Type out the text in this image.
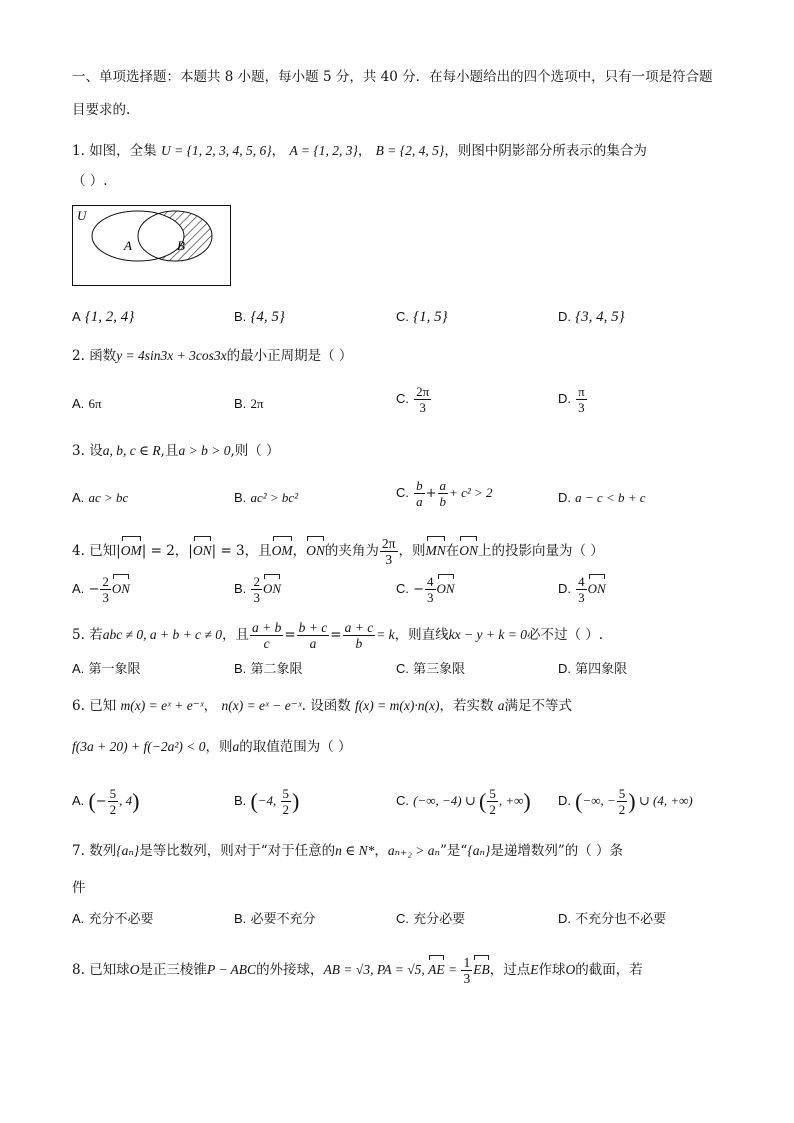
一、单项选择题：本题共 8 小题，每小题 5 分，共 40 分．在每小题给出的四个选项中，只有一项是符合题
目要求的.
1. 如图，全集 U = {1, 2, 3, 4, 5, 6}， A = {1, 2, 3}， B = {2, 4, 5}，则图中阴影部分所表示的集合为
（ ）.
U
A	B
A {1, 2, 4}	B. {4, 5}	C. {1, 5}	D. {3, 4, 5}
2. 函数y = 4sin3x + 3cos3x的最小正周期是（ ）
A. 6π	B. 2π	C. $\frac{2\pi}{3}$	D. $\frac{\pi}{3}$
3. 设a, b, c ∈ R,且a > b > 0,则（ ）
A. ac > bc	B. ac² > bc²	C. $\frac{b}{a} + \frac{a}{b} + c^2 > 2$	D. a − c < b + c
4. 已知|OM| = 2，|ON| = 3，且OM，ON的夹角为 $\frac{2\pi}{3}$ ，则MN在ON上的投影向量为（ ）
A. − $\frac{2}{3}$ ON	B. $\frac{2}{3}$ ON	C. − $\frac{4}{3}$ ON	D. $\frac{4}{3}$ ON
5. 若abc ≠ 0, a + b + c ≠ 0，且 $\frac{a + b}{c} = \frac{b + c}{a} = \frac{a + c}{b} = k$，则直线kx − y + k = 0必不过（ ）.
A. 第一象限	B. 第二象限	C. 第三象限	D. 第四象限
6. 已知 m(x) = eˣ + e⁻ˣ， n(x) = eˣ − e⁻ˣ. 设函数 f(x) = m(x)·n(x)，若实数 a满足不等式
f(3a + 20) + f(−2a²) < 0，则a的取值范围为（ ）
A. (− $\frac{5}{2}$ , 4)	B. (−4, $\frac{5}{2}$ )	C. (−∞, −4) ∪ ( $\frac{5}{2}$ , +∞) D. (−∞, − $\frac{5}{2}$ ) ∪ (4, +∞)
7. 数列{aₙ}是等比数列，则对于“对于任意的n ∈ N*，aₙ₊₂ > aₙ”是“{aₙ}是递增数列”的（ ）条
件
A. 充分不必要	B. 必要不充分	C. 充分必要	D. 不充分也不必要
8. 已知球O是正三棱锥P − ABC的外接球，AB = √3, PA = √5, AE = $\frac{1}{3}$ EB，过点E作球O的截面，若
